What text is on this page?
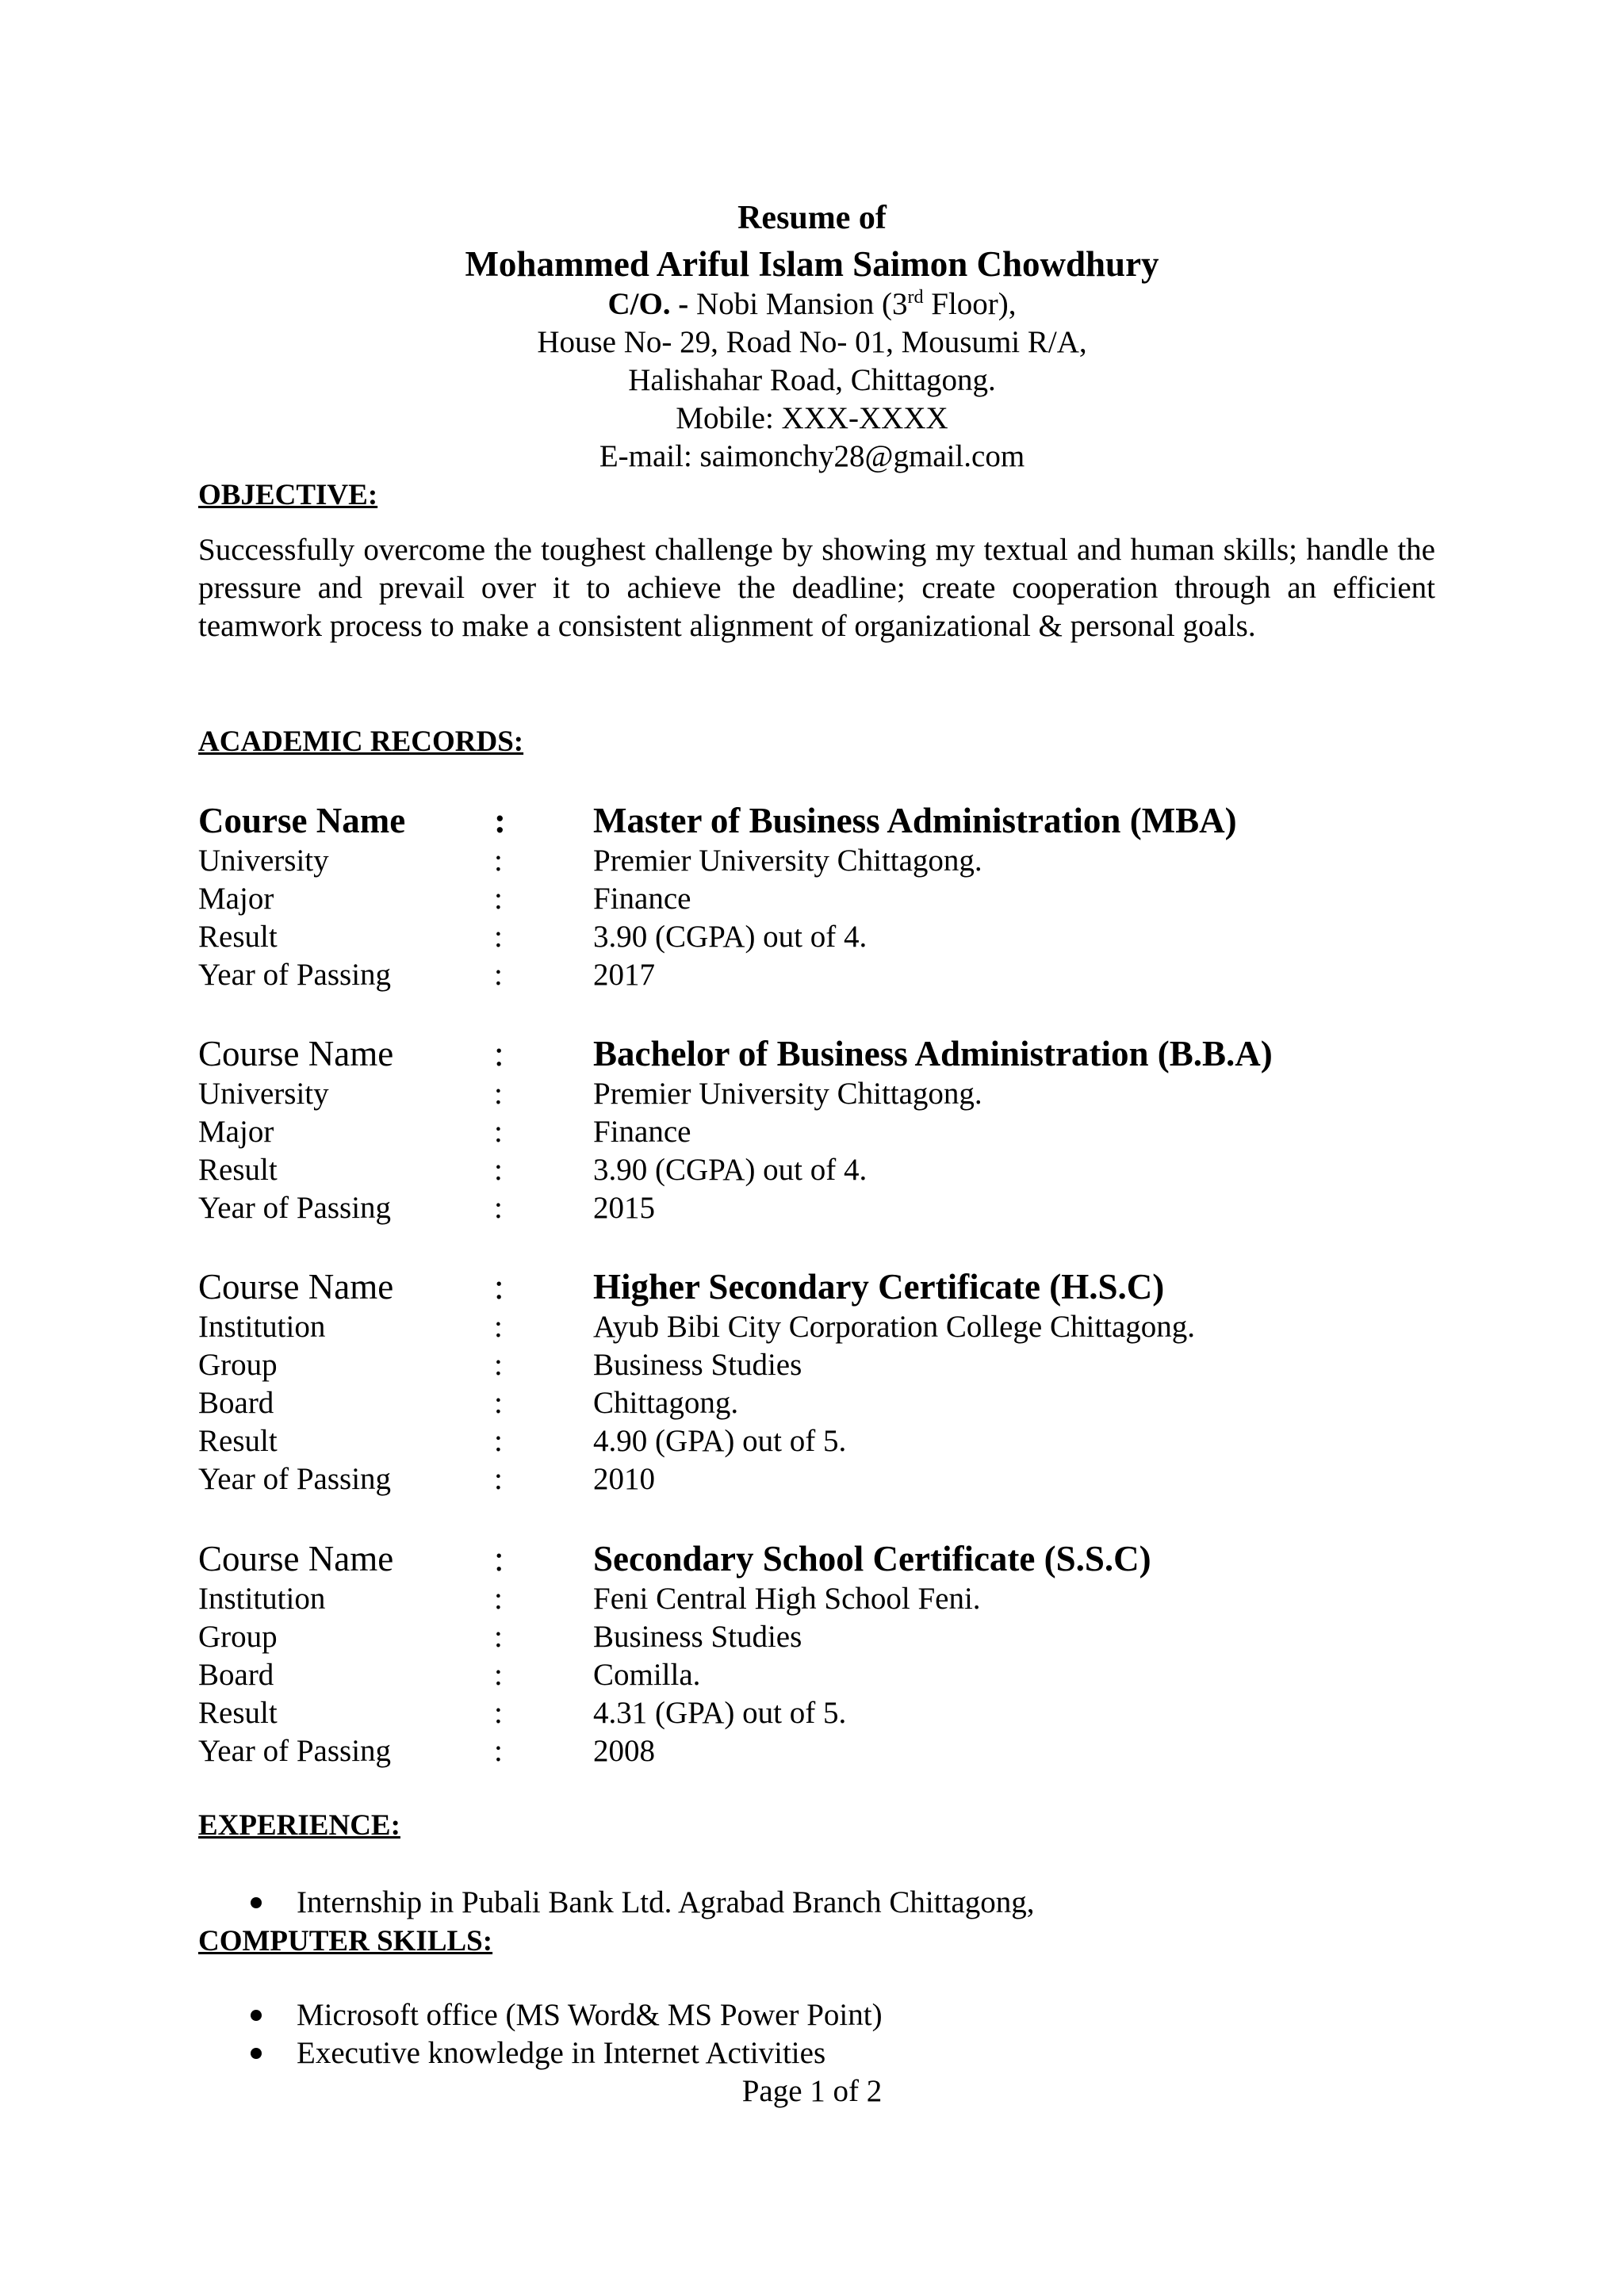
Resume of
Mohammed Ariful Islam Saimon Chowdhury
C/O. - Nobi Mansion (3rd Floor),
House No- 29, Road No- 01, Mousumi R/A,
Halishahar Road, Chittagong.
Mobile: XXX-XXXX
E-mail: saimonchy28@gmail.com
OBJECTIVE:
Successfully overcome the toughest challenge by showing my textual and human skills; handle the pressure and prevail over it to achieve the deadline; create cooperation through an efficient teamwork process to make a consistent alignment of organizational & personal goals.
ACADEMIC RECORDS:
Course Name : Master of Business Administration (MBA)
University	:	Premier University Chittagong.
Major	:	Finance
Result	:	3.90 (CGPA) out of 4.
Year of Passing	:	2017
Course Name	: Bachelor of Business Administration (B.B.A)
University	:	Premier University Chittagong.
Major	:	Finance
Result	:	3.90 (CGPA) out of 4.
Year of Passing	:	2015
Course Name	: Higher Secondary Certificate (H.S.C)
Institution	:	Ayub Bibi City Corporation College Chittagong.
Group	:	Business Studies
Board	:	Chittagong.
Result	:	4.90 (GPA) out of 5.
Year of Passing	:	2010
Course Name	: Secondary School Certificate (S.S.C)
Institution	:	Feni Central High School Feni.
Group	:	Business Studies
Board	:	Comilla.
Result	:	4.31 (GPA) out of 5.
Year of Passing	:	2008
EXPERIENCE:
Internship in Pubali Bank Ltd. Agrabad Branch Chittagong,
COMPUTER SKILLS:
Microsoft office (MS Word& MS Power Point)
Executive knowledge in Internet Activities
Page 1 of 2
